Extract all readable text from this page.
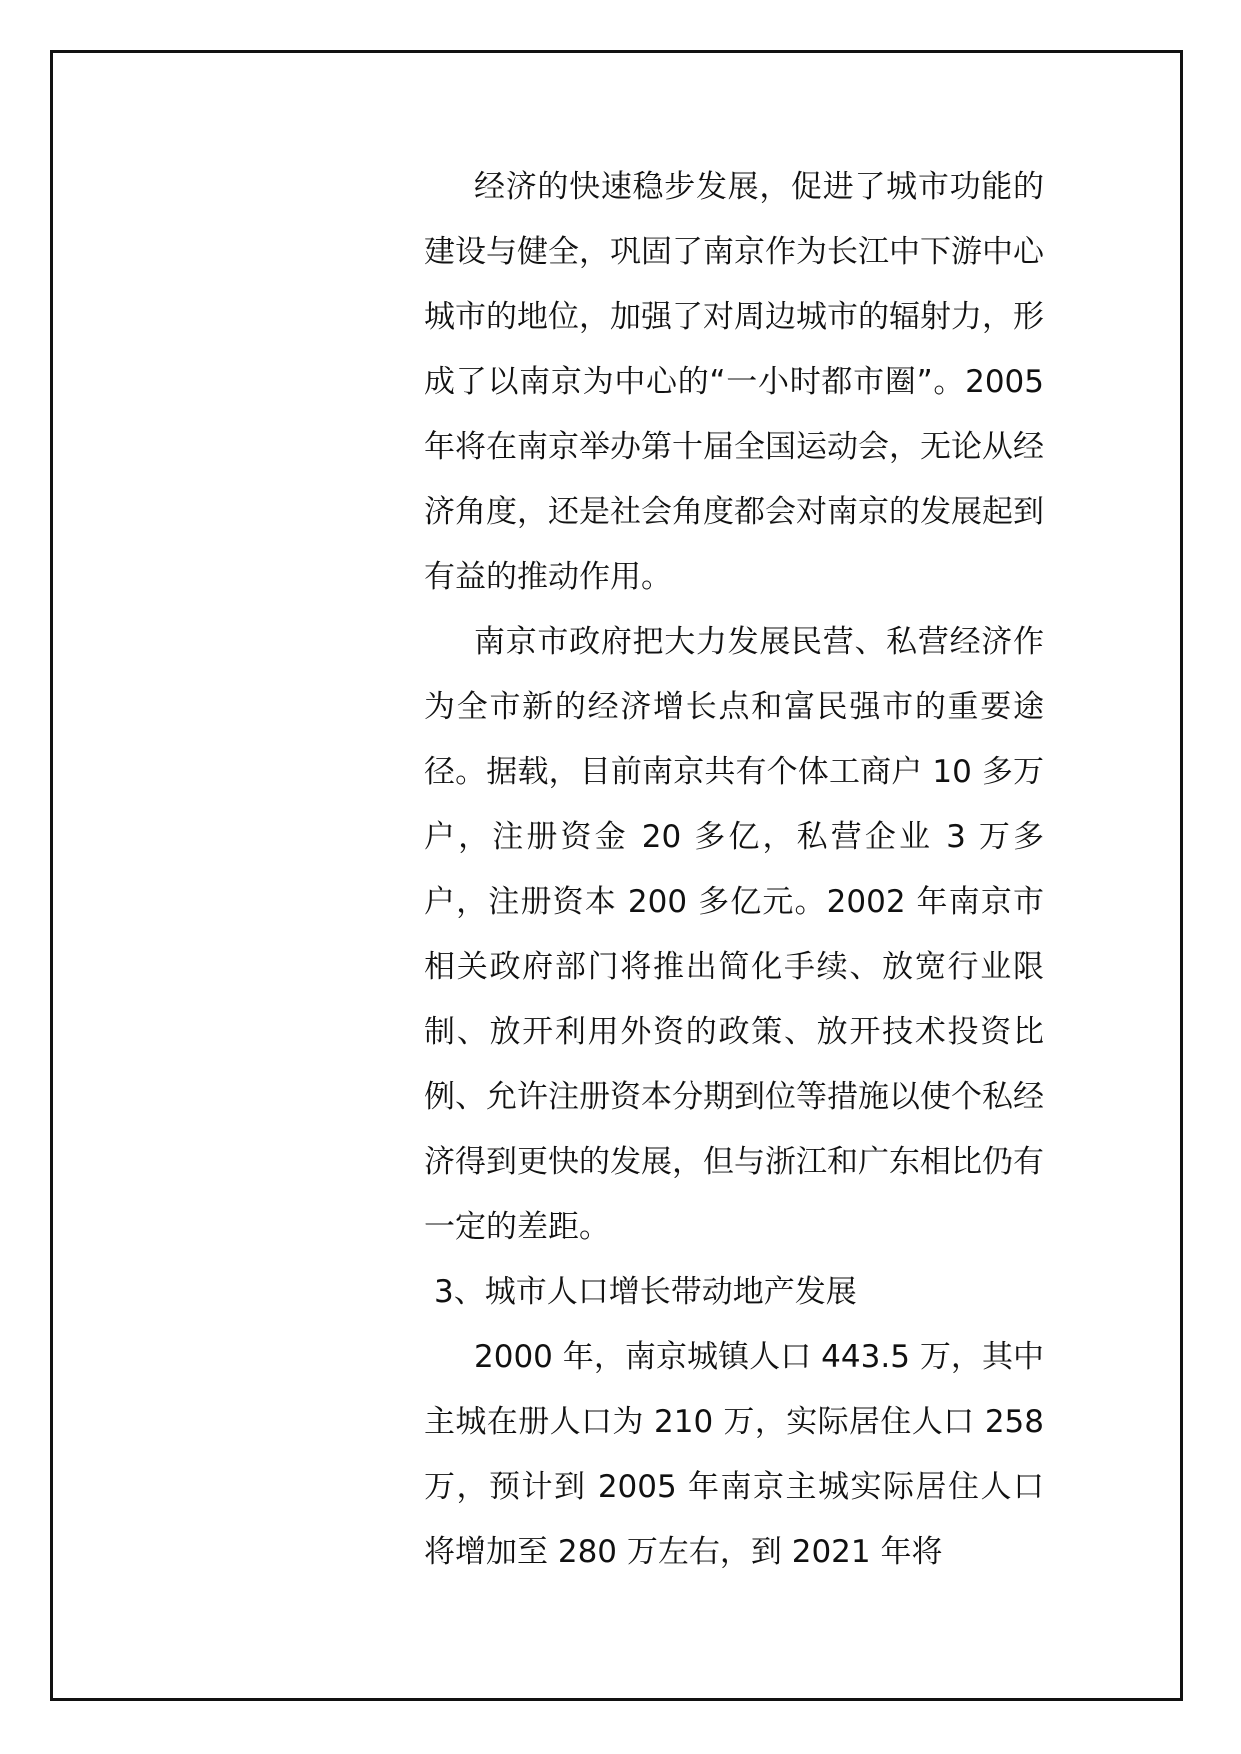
经济的快速稳步发展，促进了城市功能的建设与健全，巩固了南京作为长江中下游中心城市的地位，加强了对周边城市的辐射力，形成了以南京为中心的“一小时都市圈”。2005 年将在南京举办第十届全国运动会，无论从经济角度，还是社会角度都会对南京的发展起到有益的推动作用。

南京市政府把大力发展民营、私营经济作为全市新的经济增长点和富民强市的重要途径。据载，目前南京共有个体工商户 10 多万户，注册资金 20 多亿，私营企业 3 万多户，注册资本 200 多亿元。2002 年南京市相关政府部门将推出简化手续、放宽行业限制、放开利用外资的政策、放开技术投资比例、允许注册资本分期到位等措施以使个私经济得到更快的发展，但与浙江和广东相比仍有一定的差距。

3、城市人口增长带动地产发展

2000 年，南京城镇人口 443.5 万，其中主城在册人口为 210 万，实际居住人口 258 万，预计到 2005 年南京主城实际居住人口将增加至 280 万左右，到 2021 年将
